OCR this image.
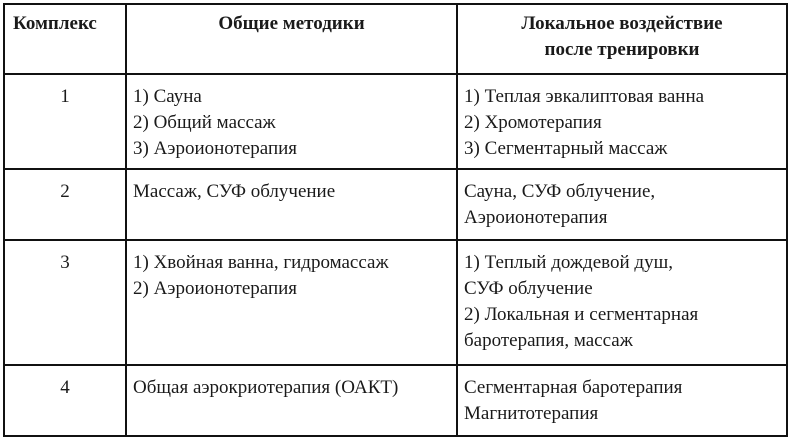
Комплекс	Общие методики	Локальное воздействие
после тренировки

1	1) Сауна
2) Общий массаж
3) Аэроионотерапия	1) Теплая эвкалиптовая ванна
2) Хромотерапия
3) Сегментарный массаж

2	Массаж, СУФ облучение	Сауна, СУФ облучение,
Аэроионотерапия

3	1) Хвойная ванна, гидромассаж
2) Аэроионотерапия	1) Теплый дождевой душ,
СУФ облучение
2) Локальная и сегментарная
баротерапия, массаж

4	Общая аэрокриотерапия (ОАКТ)	Сегментарная баротерапия
Магнитотерапия
